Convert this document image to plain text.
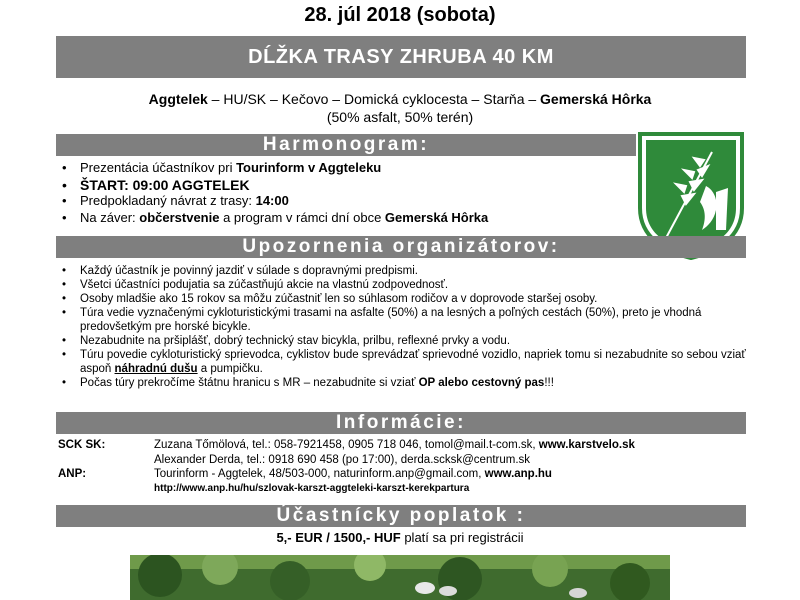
28. júl 2018 (sobota)
DĹŽKA TRASY ZHRUBA 40 KM
Aggtelek – HU/SK – Kečovo – Domická cyklocesta – Starňa – Gemerská Hôrka
(50% asfalt, 50% terén)
Harmonogram:
• Prezentácia účastníkov pri Tourinform v Aggteleku
• ŠTART: 09:00 AGGTELEK
• Predpokladaný návrat z trasy: 14:00
• Na záver: občerstvenie a program v rámci dní obce Gemerská Hôrka
Upozornenia organizátorov:
• Každý účastník je povinný jazdiť v súlade s dopravnými predpismi.
• Všetci účastníci podujatia sa zúčastňujú akcie na vlastnú zodpovednosť.
• Osoby mladšie ako 15 rokov sa môžu zúčastniť len so súhlasom rodičov a v doprovode staršej osoby.
• Túra vedie vyznačenými cykloturistickými trasami na asfalte (50%) a na lesných a poľných cestách (50%), preto je vhodná predovšetkým pre horské bicykle.
• Nezabudnite na pršiplášť, dobrý technický stav bicykla, prilbu, reflexné prvky a vodu.
• Túru povedie cykloturistický sprievodca, cyklistov bude sprevádzať sprievodné vozidlo, napriek tomu si nezabudnite so sebou vziať aspoň náhradnú dušu a pumpičku.
• Počas túry prekročíme štátnu hranicu s MR – nezabudnite si vziať OP alebo cestovný pas!!!
Informácie:
SCK SK:	Zuzana Tőmölová, tel.: 058-7921458, 0905 718 046, tomol@mail.t-com.sk, www.karstvelo.sk
Alexander Derda, tel.: 0918 690 458 (po 17:00), derda.scksk@centrum.sk
ANP:	Tourinform - Aggtelek, 48/503-000, naturinform.anp@gmail.com, www.anp.hu
http://www.anp.hu/hu/szlovak-karszt-aggteleki-karszt-kerekpartura
Účastnícky poplatok :
5,- EUR / 1500,- HUF platí sa pri registrácii
